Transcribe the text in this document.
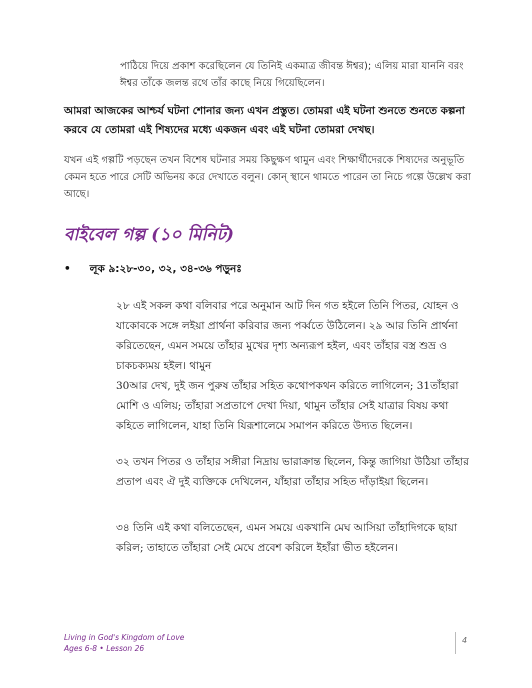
পাঠিয়ে দিয়ে প্রকাশ করেছিলেন যে তিনিই একমাত্র জীবন্ত ঈশ্বর); এলিয় মারা যাননি বরং ঈশ্বর তাঁকে জলন্ত রথে তাঁর কাছে নিয়ে গিয়েছিলেন।
আমরা আজকের আশ্চর্য ঘটনা শোনার জন্য এখন প্রস্তুত। তোমরা এই ঘটনা শুনতে শুনতে কল্পনা করবে যে তোমরা এই শিষ্যদের মধ্যে একজন এবং এই ঘটনা তোমরা দেখছ।
যখন এই গল্পটি পড়ছেন তখন বিশেষ ঘটনার সময় কিছুক্ষণ থামুন এবং শিক্ষার্থীদেরকে শিষ্যদের অনুভূতি কেমন হতে পারে সেটি অভিনয় করে দেখাতে বলুন। কোন্‌ স্থানে থামতে পারেন তা নিচে গল্পে উল্লেখ করা আছে।
বাইবেল গল্প (১০ মিনিট)
• লূক ৯:২৮-৩০, ৩২, ৩৪-৩৬ পড়ুনঃ
২৮ এই সকল কথা বলিবার পরে অনুমান আট দিন গত হইলে তিনি পিতর, যোহন ও যাকোবকে সঙ্গে লইয়া প্রার্থনা করিবার জন্য পর্ব্বতে উঠিলেন। ২৯ আর তিনি প্রার্থনা করিতেছেন, এমন সময়ে তাঁহার মুখের দৃশ্য অন্যরূপ হইল, এবং তাঁহার বস্ত্র শুভ্র ও চাকচক্যময় হইল। থামুন
30আর দেখ, দুই জন পুরুষ তাঁহার সহিত কথোপকথন করিতে লাগিলেন; 31তাঁহারা মোশি ও এলিয়; তাঁহারা সপ্রতাপে দেখা দিয়া, থামুন তাঁহার সেই যাত্রার বিষয় কথা কহিতে লাগিলেন, যাহা তিনি যিরূশালেমে সমাপন করিতে উদ্যত ছিলেন।
৩২ তখন পিতর ও তাঁহার সঙ্গীরা নিদ্রায় ভারাক্রান্ত ছিলেন, কিন্তু জাগিয়া উঠিয়া তাঁহার প্রতাপ এবং ঐ দুই ব্যক্তিকে দেখিলেন, যাঁহারা তাঁহার সহিত দাঁড়াইয়া ছিলেন।
৩৪ তিনি এই কথা বলিতেছেন, এমন সময়ে একখানি মেঘ আসিয়া তাঁহাদিগকে ছায়া করিল; তাহাতে তাঁহারা সেই মেঘে প্রবেশ করিলে ইহাঁরা ভীত হইলেন।
Living in God's Kingdom of Love
Ages 6-8 • Lesson 26
4
